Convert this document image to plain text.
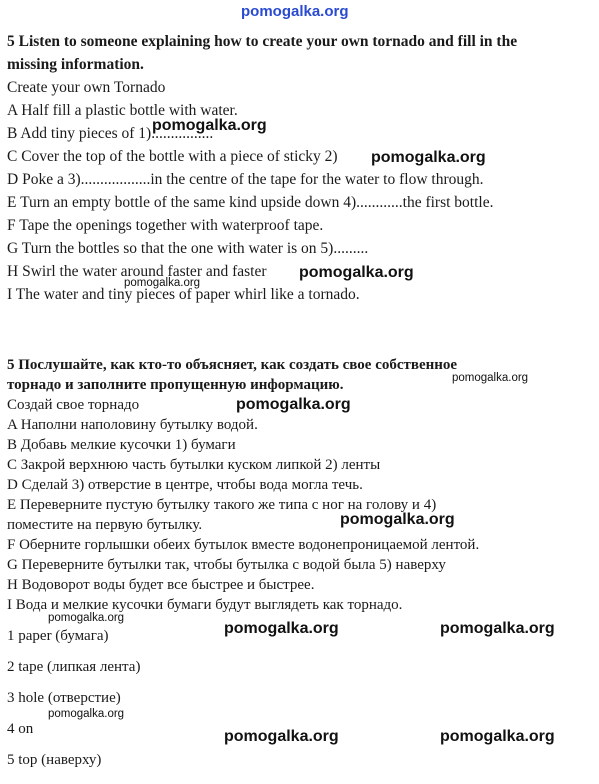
pomogalka.org
5 Listen to someone explaining how to create your own tornado and fill in the
missing information.
Create your own Tornado
A Half fill a plastic bottle with water.
B Add tiny pieces of 1)................
C Cover the top of the bottle with a piece of sticky 2)
D Poke a 3)..................in the centre of the tape for the water to flow through.
E Turn an empty bottle of the same kind upside down 4)............the first bottle.
F Tape the openings together with waterproof tape.
G Turn the bottles so that the one with water is on 5).........
H Swirl the water around faster and faster
I The water and tiny pieces of paper whirl like a tornado.
pomogalka.org
pomogalka.org
pomogalka.org
pomogalka.org
5 Послушайте, как кто-то объясняет, как создать свое собственное
торнадо и заполните пропущенную информацию.
Создай свое торнадо
A Наполни наполовину бутылку водой.
B Добавь мелкие кусочки 1) бумаги
C Закрой верхнюю часть бутылки куском липкой 2) ленты
D Сделай 3) отверстие в центре, чтобы вода могла течь.
E Переверните пустую бутылку такого же типа с ног на голову и 4)
поместите на первую бутылку.
F Оберните горлышки обеих бутылок вместе водонепроницаемой лентой.
G Переверните бутылки так, чтобы бутылка с водой была 5) наверху
H Водоворот воды будет все быстрее и быстрее.
I Вода и мелкие кусочки бумаги будут выглядеть как торнадо.
pomogalka.org
pomogalka.org
pomogalka.org
pomogalka.org
1 paper (бумага)
2 tape (липкая лента)
3 hole (отверстие)
4 on
5 top (наверху)
pomogalka.org	pomogalka.org
pomogalka.org
pomogalka.org	pomogalka.org
